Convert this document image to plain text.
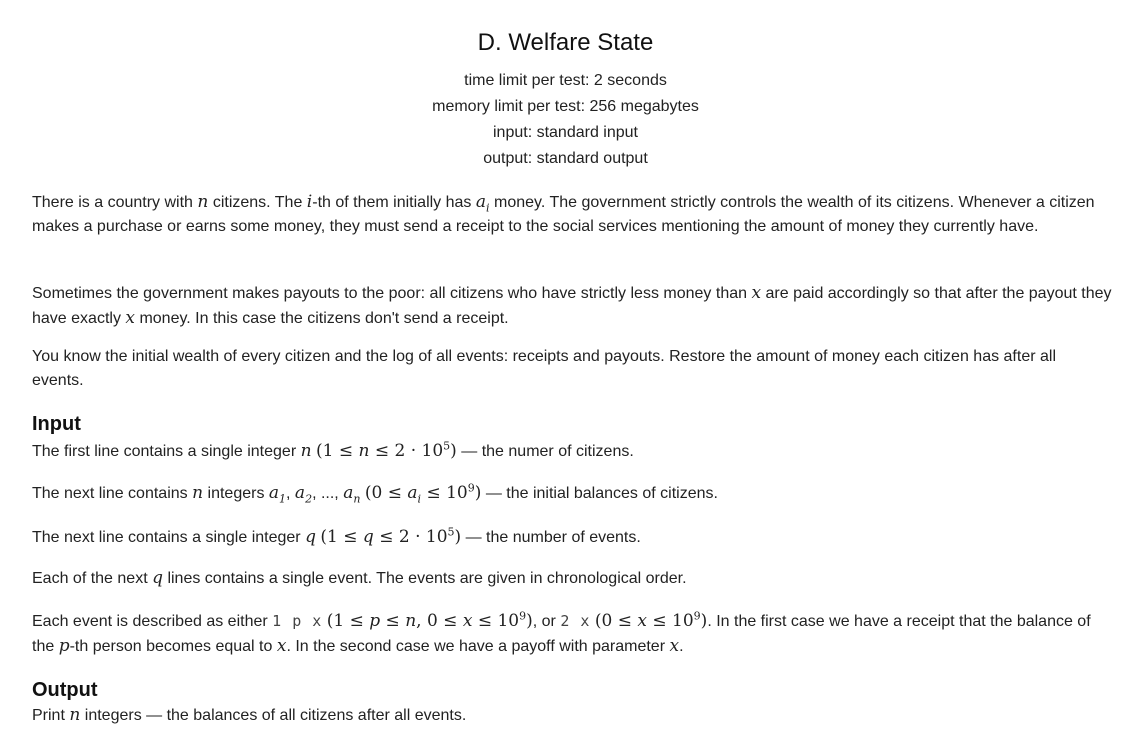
D. Welfare State
time limit per test: 2 seconds
memory limit per test: 256 megabytes
input: standard input
output: standard output
There is a country with n citizens. The i-th of them initially has $a_i$ money. The government strictly controls the wealth of its citizens. Whenever a citizen makes a purchase or earns some money, they must send a receipt to the social services mentioning the amount of money they currently have.
Sometimes the government makes payouts to the poor: all citizens who have strictly less money than x are paid accordingly so that after the payout they have exactly x money. In this case the citizens don't send a receipt.
You know the initial wealth of every citizen and the log of all events: receipts and payouts. Restore the amount of money each citizen has after all events.
Input
The first line contains a single integer n $(1 \le n \le 2 \cdot 10^5)$ — the numer of citizens.
The next line contains n integers $a_1$, $a_2$, ..., $a_n$ $(0 \le a_i \le 10^9)$ — the initial balances of citizens.
The next line contains a single integer q $(1 \le q \le 2 \cdot 10^5)$ — the number of events.
Each of the next q lines contains a single event. The events are given in chronological order.
Each event is described as either 1 p x (1 ≤ p ≤ n, $0 \le x \le 10^9$), or 2 x $(0 \le x \le 10^9)$. In the first case we have a receipt that the balance of the p-th person becomes equal to x. In the second case we have a payoff with parameter x.
Output
Print n integers — the balances of all citizens after all events.
